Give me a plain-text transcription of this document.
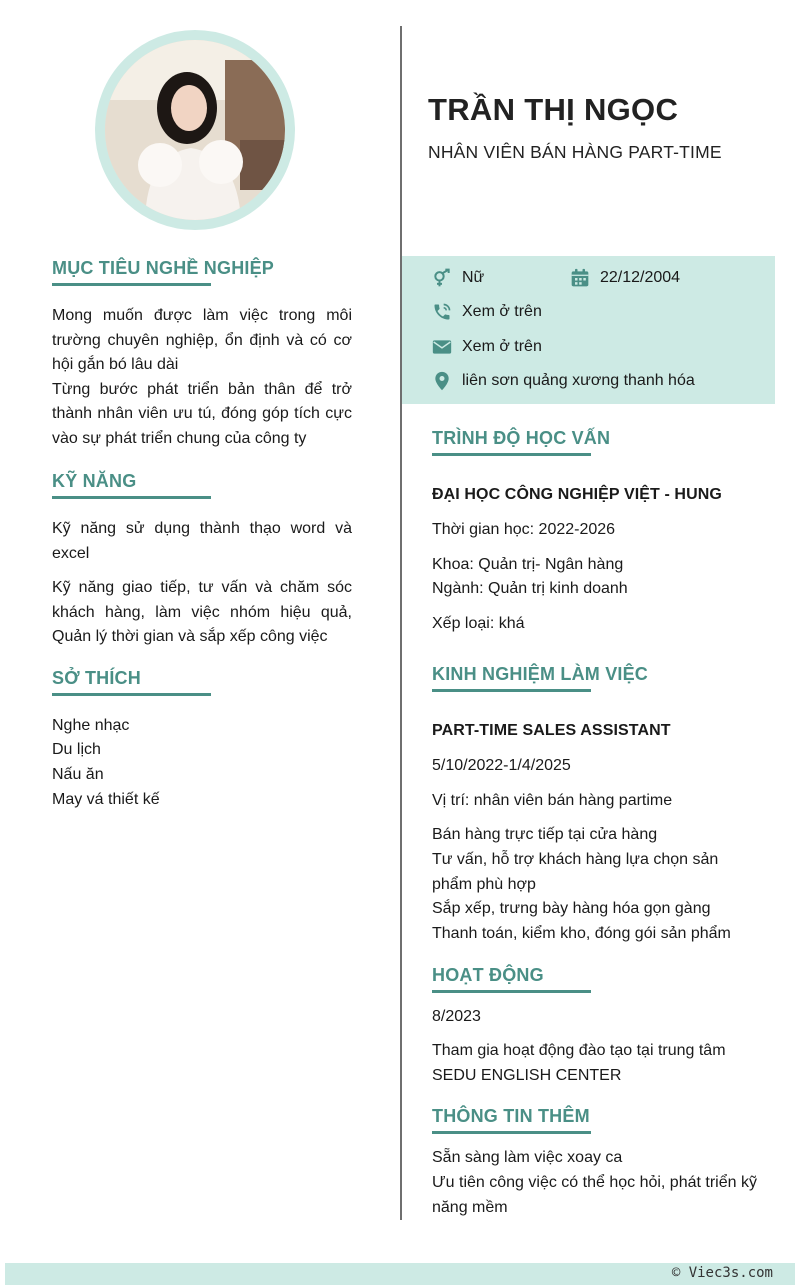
MỤC TIÊU NGHỀ NGHIỆP

Mong muốn được làm việc trong môi trường chuyên nghiệp, ổn định và có cơ hội gắn bó lâu dài

Từng bước phát triển bản thân để trở thành nhân viên ưu tú, đóng góp tích cực vào sự phát triển chung của công ty

KỸ NĂNG

Kỹ năng sử dụng thành thạo word và excel

Kỹ năng giao tiếp, tư vấn và chăm sóc khách hàng, làm việc nhóm hiệu quả, Quản lý thời gian và sắp xếp công việc

SỞ THÍCH
Nghe nhạc
Du lịch
Nấu ăn
May vá thiết kế
TRẦN THỊ NGỌC

NHÂN VIÊN BÁN HÀNG PART-TIME

Nữ	22/12/2004
Xem ở trên
Xem ở trên
liên sơn quảng xương thanh hóa
TRÌNH ĐỘ HỌC VẤN

ĐẠI HỌC CÔNG NGHIỆP VIỆT - HUNG

Thời gian học: 2022-2026

Khoa: Quản trị- Ngân hàng

Ngành: Quản trị kinh doanh

Xếp loại: khá

KINH NGHIỆM LÀM VIỆC

PART-TIME SALES ASSISTANT

5/10/2022-1/4/2025

Vị trí: nhân viên bán hàng partime

Bán hàng trực tiếp tại cửa hàng
Tư vấn, hỗ trợ khách hàng lựa chọn sản phẩm phù hợp
Sắp xếp, trưng bày hàng hóa gọn gàng
Thanh toán, kiểm kho, đóng gói sản phẩm
HOẠT ĐỘNG

8/2023

Tham gia hoạt động đào tạo tại trung tâm SEDU ENGLISH CENTER

THÔNG TIN THÊM
Sẵn sàng làm việc xoay ca
Ưu tiên công việc có thể học hỏi, phát triển kỹ năng mềm
© Viec3s.com
